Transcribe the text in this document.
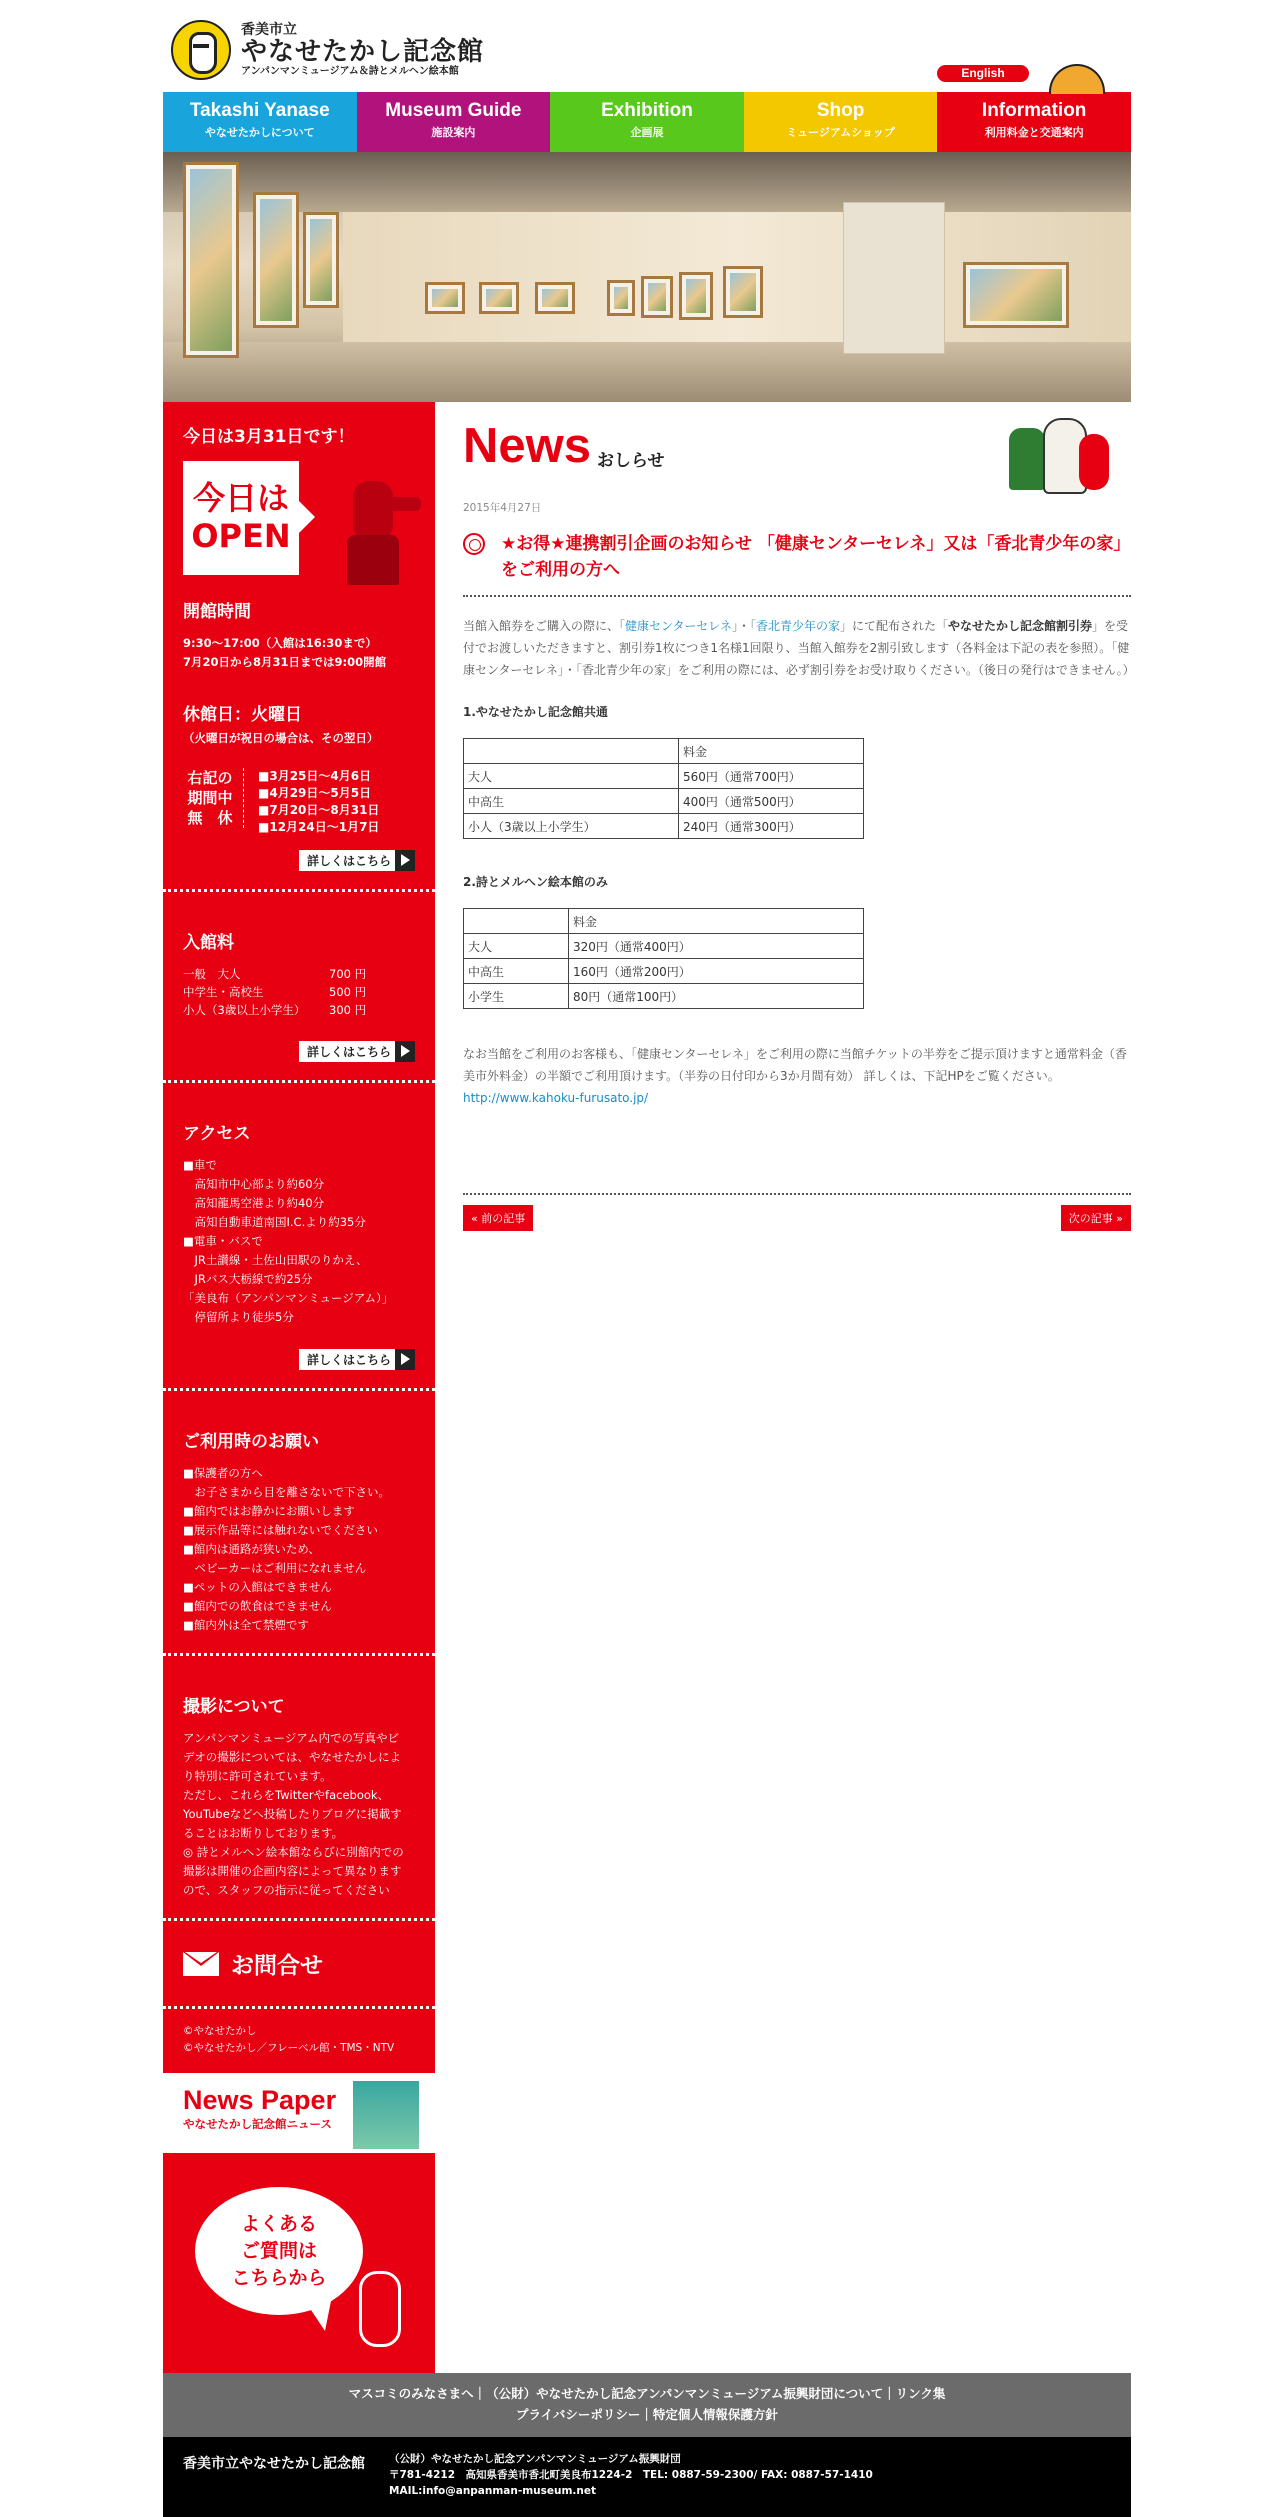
香美市立
やなせたかし記念館
アンパンマンミュージアム＆詩とメルヘン絵本館	English
Takashi Yanase
やなせたかしについて
Museum Guide
施設案内
Exhibition
企画展
Shop
ミュージアムショップ
Information
利用料金と交通案内
今日は3月31日です！
今日は
OPEN
開館時間
9:30～17:00（入館は16:30まで）
7月20日から8月31日までは9:00開館
休館日：火曜日
（火曜日が祝日の場合は、その翌日）
右記の
期間中
無　休
■3月25日～4月6日
■4月29日～5月5日
■7月20日～8月31日
■12月24日～1月7日
詳しくはこちら
入館料
一般　大人	700 円
中学生・高校生	500 円
小人（3歳以上小学生）	300 円
詳しくはこちら
アクセス
■車で
　高知市中心部より約60分
　高知龍馬空港より約40分
　高知自動車道南国I.C.より約35分
■電車・バスで
　JR土讃線・土佐山田駅のりかえ、
　JRバス大栃線で約25分
「美良布（アンパンマンミュージアム）」
　停留所より徒歩5分
詳しくはこちら
ご利用時のお願い
■保護者の方へ
　お子さまから目を離さないで下さい。
■館内ではお静かにお願いします
■展示作品等には触れないでください
■館内は通路が狭いため、
　ベビーカーはご利用になれません
■ペットの入館はできません
■館内での飲食はできません
■館内外は全て禁煙です
撮影について
アンパンマンミュージアム内での写真やビ
デオの撮影については、やなせたかしによ
り特別に許可されています。
ただし、これらをTwitterやfacebook、
YouTubeなどへ投稿したりブログに掲載す
ることはお断りしております。
◎ 詩とメルヘン絵本館ならびに別館内での
撮影は開催の企画内容によって異なります
ので、スタッフの指示に従ってください
お問合せ
©やなせたかし
©やなせたかし／フレーベル館・TMS・NTV
News Paper
やなせたかし記念館ニュース
よくある
ご質問は
こちらから
News おしらせ
2015年4月27日
★お得★連携割引企画のお知らせ 「健康センターセレネ」又は「香北青少年の家」をご利用の方へ
当館入館券をご購入の際に、「健康センターセレネ」・「香北青少年の家」にて配布された「やなせたかし記念館割引券」を受付でお渡しいただきますと、割引券1枚につき1名様1回限り、当館入館券を2割引致します（各料金は下記の表を参照）。「健康センターセレネ」・「香北青少年の家」をご利用の際には、必ず割引券をお受け取りください。（後日の発行はできません。）
1.やなせたかし記念館共通
	料金
大人	560円（通常700円）
中高生	400円（通常500円）
小人（3歳以上小学生）	240円（通常300円）
2.詩とメルヘン絵本館のみ
	料金
大人	320円（通常400円）
中高生	160円（通常200円）
小学生	80円（通常100円）
なお当館をご利用のお客様も、「健康センターセレネ」をご利用の際に当館チケットの半券をご提示頂けますと通常料金（香美市外料金）の半額でご利用頂けます。（半券の日付印から3か月間有効） 詳しくは、下記HPをご覧ください。　http://www.kahoku-furusato.jp/
« 前の記事	次の記事 »
マスコミのみなさまへ｜（公財）やなせたかし記念アンパンマンミュージアム振興財団について｜リンク集
プライバシーポリシー｜特定個人情報保護方針
香美市立やなせたかし記念館	（公財）やなせたかし記念アンパンマンミュージアム振興財団
〒781-4212　高知県香美市香北町美良布1224-2　TEL: 0887-59-2300/ FAX: 0887-57-1410
MAIL:info@anpanman-museum.net
